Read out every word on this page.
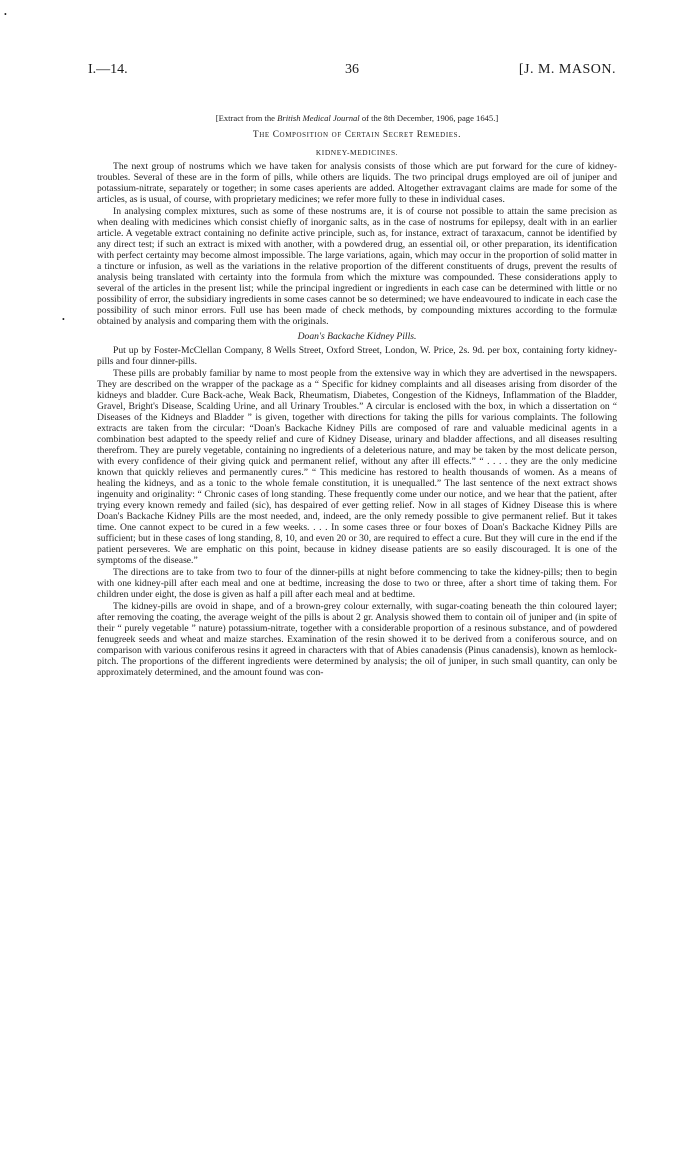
•
•
I.—14.	36	[J. M. MASON.
[Extract from the British Medical Journal of the 8th December, 1906, page 1645.]
The Composition of Certain Secret Remedies.
KIDNEY-MEDICINES.

The next group of nostrums which we have taken for analysis consists of those which are put forward for the cure of kidney-troubles. Several of these are in the form of pills, while others are liquids. The two principal drugs employed are oil of juniper and potassium-nitrate, separately or together; in some cases aperients are added. Altogether extravagant claims are made for some of the articles, as is usual, of course, with proprietary medicines; we refer more fully to these in individual cases.

In analysing complex mixtures, such as some of these nostrums are, it is of course not possible to attain the same precision as when dealing with medicines which consist chiefly of inorganic salts, as in the case of nostrums for epilepsy, dealt with in an earlier article. A vegetable extract containing no definite active principle, such as, for instance, extract of taraxacum, cannot be identified by any direct test; if such an extract is mixed with another, with a powdered drug, an essential oil, or other preparation, its identification with perfect certainty may become almost impossible. The large variations, again, which may occur in the proportion of solid matter in a tincture or infusion, as well as the variations in the relative proportion of the different constituents of drugs, prevent the results of analysis being translated with certainty into the formula from which the mixture was compounded. These considerations apply to several of the articles in the present list; while the principal ingredient or ingredients in each case can be determined with little or no possibility of error, the subsidiary ingredients in some cases cannot be so determined; we have endeavoured to indicate in each case the possibility of such minor errors. Full use has been made of check methods, by compounding mixtures according to the formulæ obtained by analysis and comparing them with the originals.

Doan's Backache Kidney Pills.

Put up by Foster-McClellan Company, 8 Wells Street, Oxford Street, London, W. Price, 2s. 9d. per box, containing forty kidney-pills and four dinner-pills.

These pills are probably familiar by name to most people from the extensive way in which they are advertised in the newspapers. They are described on the wrapper of the package as a “ Specific for kidney complaints and all diseases arising from disorder of the kidneys and bladder. Cure Back-ache, Weak Back, Rheumatism, Diabetes, Congestion of the Kidneys, Inflammation of the Bladder, Gravel, Bright's Disease, Scalding Urine, and all Urinary Troubles.” A circular is enclosed with the box, in which a dissertation on “ Diseases of the Kidneys and Bladder ” is given, together with directions for taking the pills for various complaints. The following extracts are taken from the circular: “Doan's Backache Kidney Pills are composed of rare and valuable medicinal agents in a combination best adapted to the speedy relief and cure of Kidney Disease, urinary and bladder affections, and all diseases resulting therefrom. They are purely vegetable, containing no ingredients of a deleterious nature, and may be taken by the most delicate person, with every confidence of their giving quick and permanent relief, without any after ill effects.” “ . . . . they are the only medicine known that quickly relieves and permanently cures.” “ This medicine has restored to health thousands of women. As a means of healing the kidneys, and as a tonic to the whole female constitution, it is unequalled.” The last sentence of the next extract shows ingenuity and originality: “ Chronic cases of long standing. These frequently come under our notice, and we hear that the patient, after trying every known remedy and failed (sic), has despaired of ever getting relief. Now in all stages of Kidney Disease this is where Doan's Backache Kidney Pills are the most needed, and, indeed, are the only remedy possible to give permanent relief. But it takes time. One cannot expect to be cured in a few weeks. . . . In some cases three or four boxes of Doan's Backache Kidney Pills are sufficient; but in these cases of long standing, 8, 10, and even 20 or 30, are required to effect a cure. But they will cure in the end if the patient perseveres. We are emphatic on this point, because in kidney disease patients are so easily discouraged. It is one of the symptoms of the disease.”

The directions are to take from two to four of the dinner-pills at night before commencing to take the kidney-pills; then to begin with one kidney-pill after each meal and one at bedtime, increasing the dose to two or three, after a short time of taking them. For children under eight, the dose is given as half a pill after each meal and at bedtime.

The kidney-pills are ovoid in shape, and of a brown-grey colour externally, with sugar-coating beneath the thin coloured layer; after removing the coating, the average weight of the pills is about 2 gr. Analysis showed them to contain oil of juniper and (in spite of their “ purely vegetable ” nature) potassium-nitrate, together with a considerable proportion of a resinous substance, and of powdered fenugreek seeds and wheat and maize starches. Examination of the resin showed it to be derived from a coniferous source, and on comparison with various coniferous resins it agreed in characters with that of Abies canadensis (Pinus canadensis), known as hemlock-pitch. The proportions of the different ingredients were determined by analysis; the oil of juniper, in such small quantity, can only be approximately determined, and the amount found was con-
